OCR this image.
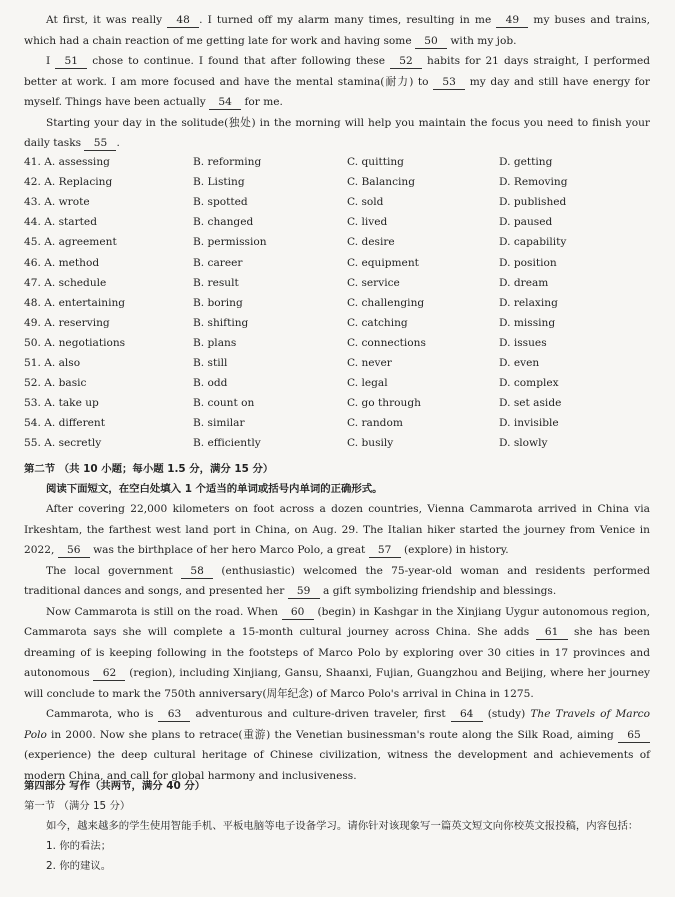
At first, it was really 48 . I turned off my alarm many times, resulting in me 49 my buses and trains, which had a chain reaction of me getting late for work and having some 50 with my job.

I 51 chose to continue. I found that after following these 52 habits for 21 days straight, I performed better at work. I am more focused and have the mental stamina(耐力) to 53 my day and still have energy for myself. Things have been actually 54 for me.

Starting your day in the solitude(独处) in the morning will help you maintain the focus you need to finish your daily tasks 55 .

41. A. assessing	B. reforming	C. quitting	D. getting
42. A. Replacing	B. Listing	C. Balancing	D. Removing
43. A. wrote	B. spotted	C. sold	D. published
44. A. started	B. changed	C. lived	D. paused
45. A. agreement	B. permission	C. desire	D. capability
46. A. method	B. career	C. equipment	D. position
47. A. schedule	B. result	C. service	D. dream
48. A. entertaining	B. boring	C. challenging	D. relaxing
49. A. reserving	B. shifting	C. catching	D. missing
50. A. negotiations	B. plans	C. connections	D. issues
51. A. also	B. still	C. never	D. even
52. A. basic	B. odd	C. legal	D. complex
53. A. take up	B. count on	C. go through	D. set aside
54. A. different	B. similar	C. random	D. invisible
55. A. secretly	B. efficiently	C. busily	D. slowly
第二节 （共 10 小题；每小题 1.5 分，满分 15 分）
阅读下面短文，在空白处填入 1 个适当的单词或括号内单词的正确形式。

After covering 22,000 kilometers on foot across a dozen countries, Vienna Cammarota arrived in China via Irkeshtam, the farthest west land port in China, on Aug. 29. The Italian hiker started the journey from Venice in 2022, 56 was the birthplace of her hero Marco Polo, a great 57 (explore) in history.

The local government 58 (enthusiastic) welcomed the 75-year-old woman and residents performed traditional dances and songs, and presented her 59 a gift symbolizing friendship and blessings.

Now Cammarota is still on the road. When 60 (begin) in Kashgar in the Xinjiang Uygur autonomous region, Cammarota says she will complete a 15-month cultural journey across China. She adds 61 she has been dreaming of is keeping following in the footsteps of Marco Polo by exploring over 30 cities in 17 provinces and autonomous 62 (region), including Xinjiang, Gansu, Shaanxi, Fujian, Guangzhou and Beijing, where her journey will conclude to mark the 750th anniversary(周年纪念) of Marco Polo's arrival in China in 1275.

Cammarota, who is 63 adventurous and culture-driven traveler, first 64 (study) The Travels of Marco Polo in 2000. Now she plans to retrace(重游) the Venetian businessman's route along the Silk Road, aiming 65 (experience) the deep cultural heritage of Chinese civilization, witness the development and achievements of modern China, and call for global harmony and inclusiveness.

第四部分 写作（共两节，满分 40 分）
第一节 （满分 15 分）
如今，越来越多的学生使用智能手机、平板电脑等电子设备学习。请你针对该现象写一篇英文短文向你校英文报投稿，内容包括：
1. 你的看法；
2. 你的建议。
